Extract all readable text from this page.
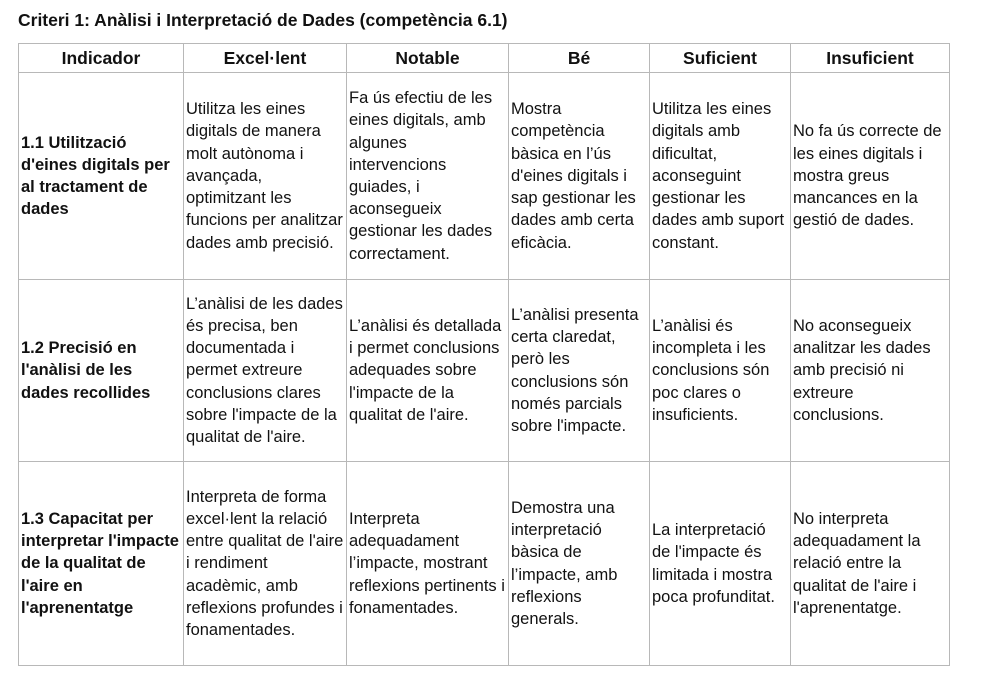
Criteri 1: Anàlisi i Interpretació de Dades (competència 6.1)
Indicador	Excel·lent	Notable	Bé	Suficient	Insuficient
1.1 Utilització d'eines digitals per al tractament de dades	Utilitza les eines digitals de manera molt autònoma i avançada, optimitzant les funcions per analitzar dades amb precisió.	Fa ús efectiu de les eines digitals, amb algunes intervencions guiades, i aconsegueix gestionar les dades correctament.	Mostra competència bàsica en l’ús d'eines digitals i sap gestionar les dades amb certa eficàcia.	Utilitza les eines digitals amb dificultat, aconseguint gestionar les dades amb suport constant.	No fa ús correcte de les eines digitals i mostra greus mancances en la gestió de dades.
1.2 Precisió en l'anàlisi de les dades recollides	L’anàlisi de les dades és precisa, ben documentada i permet extreure conclusions clares sobre l'impacte de la qualitat de l'aire.	L’anàlisi és detallada i permet conclusions adequades sobre l'impacte de la qualitat de l'aire.	L’anàlisi presenta certa claredat, però les conclusions són només parcials sobre l'impacte.	L’anàlisi és incompleta i les conclusions són poc clares o insuficients.	No aconsegueix analitzar les dades amb precisió ni extreure conclusions.
1.3 Capacitat per interpretar l'impacte de la qualitat de l'aire en l'aprenentatge	Interpreta de forma excel·lent la relació entre qualitat de l'aire i rendiment acadèmic, amb reflexions profundes i fonamentades.	Interpreta adequadament l’impacte, mostrant reflexions pertinents i fonamentades.	Demostra una interpretació bàsica de l’impacte, amb reflexions generals.	La interpretació de l'impacte és limitada i mostra poca profunditat.	No interpreta adequadament la relació entre la qualitat de l'aire i l'aprenentatge.
